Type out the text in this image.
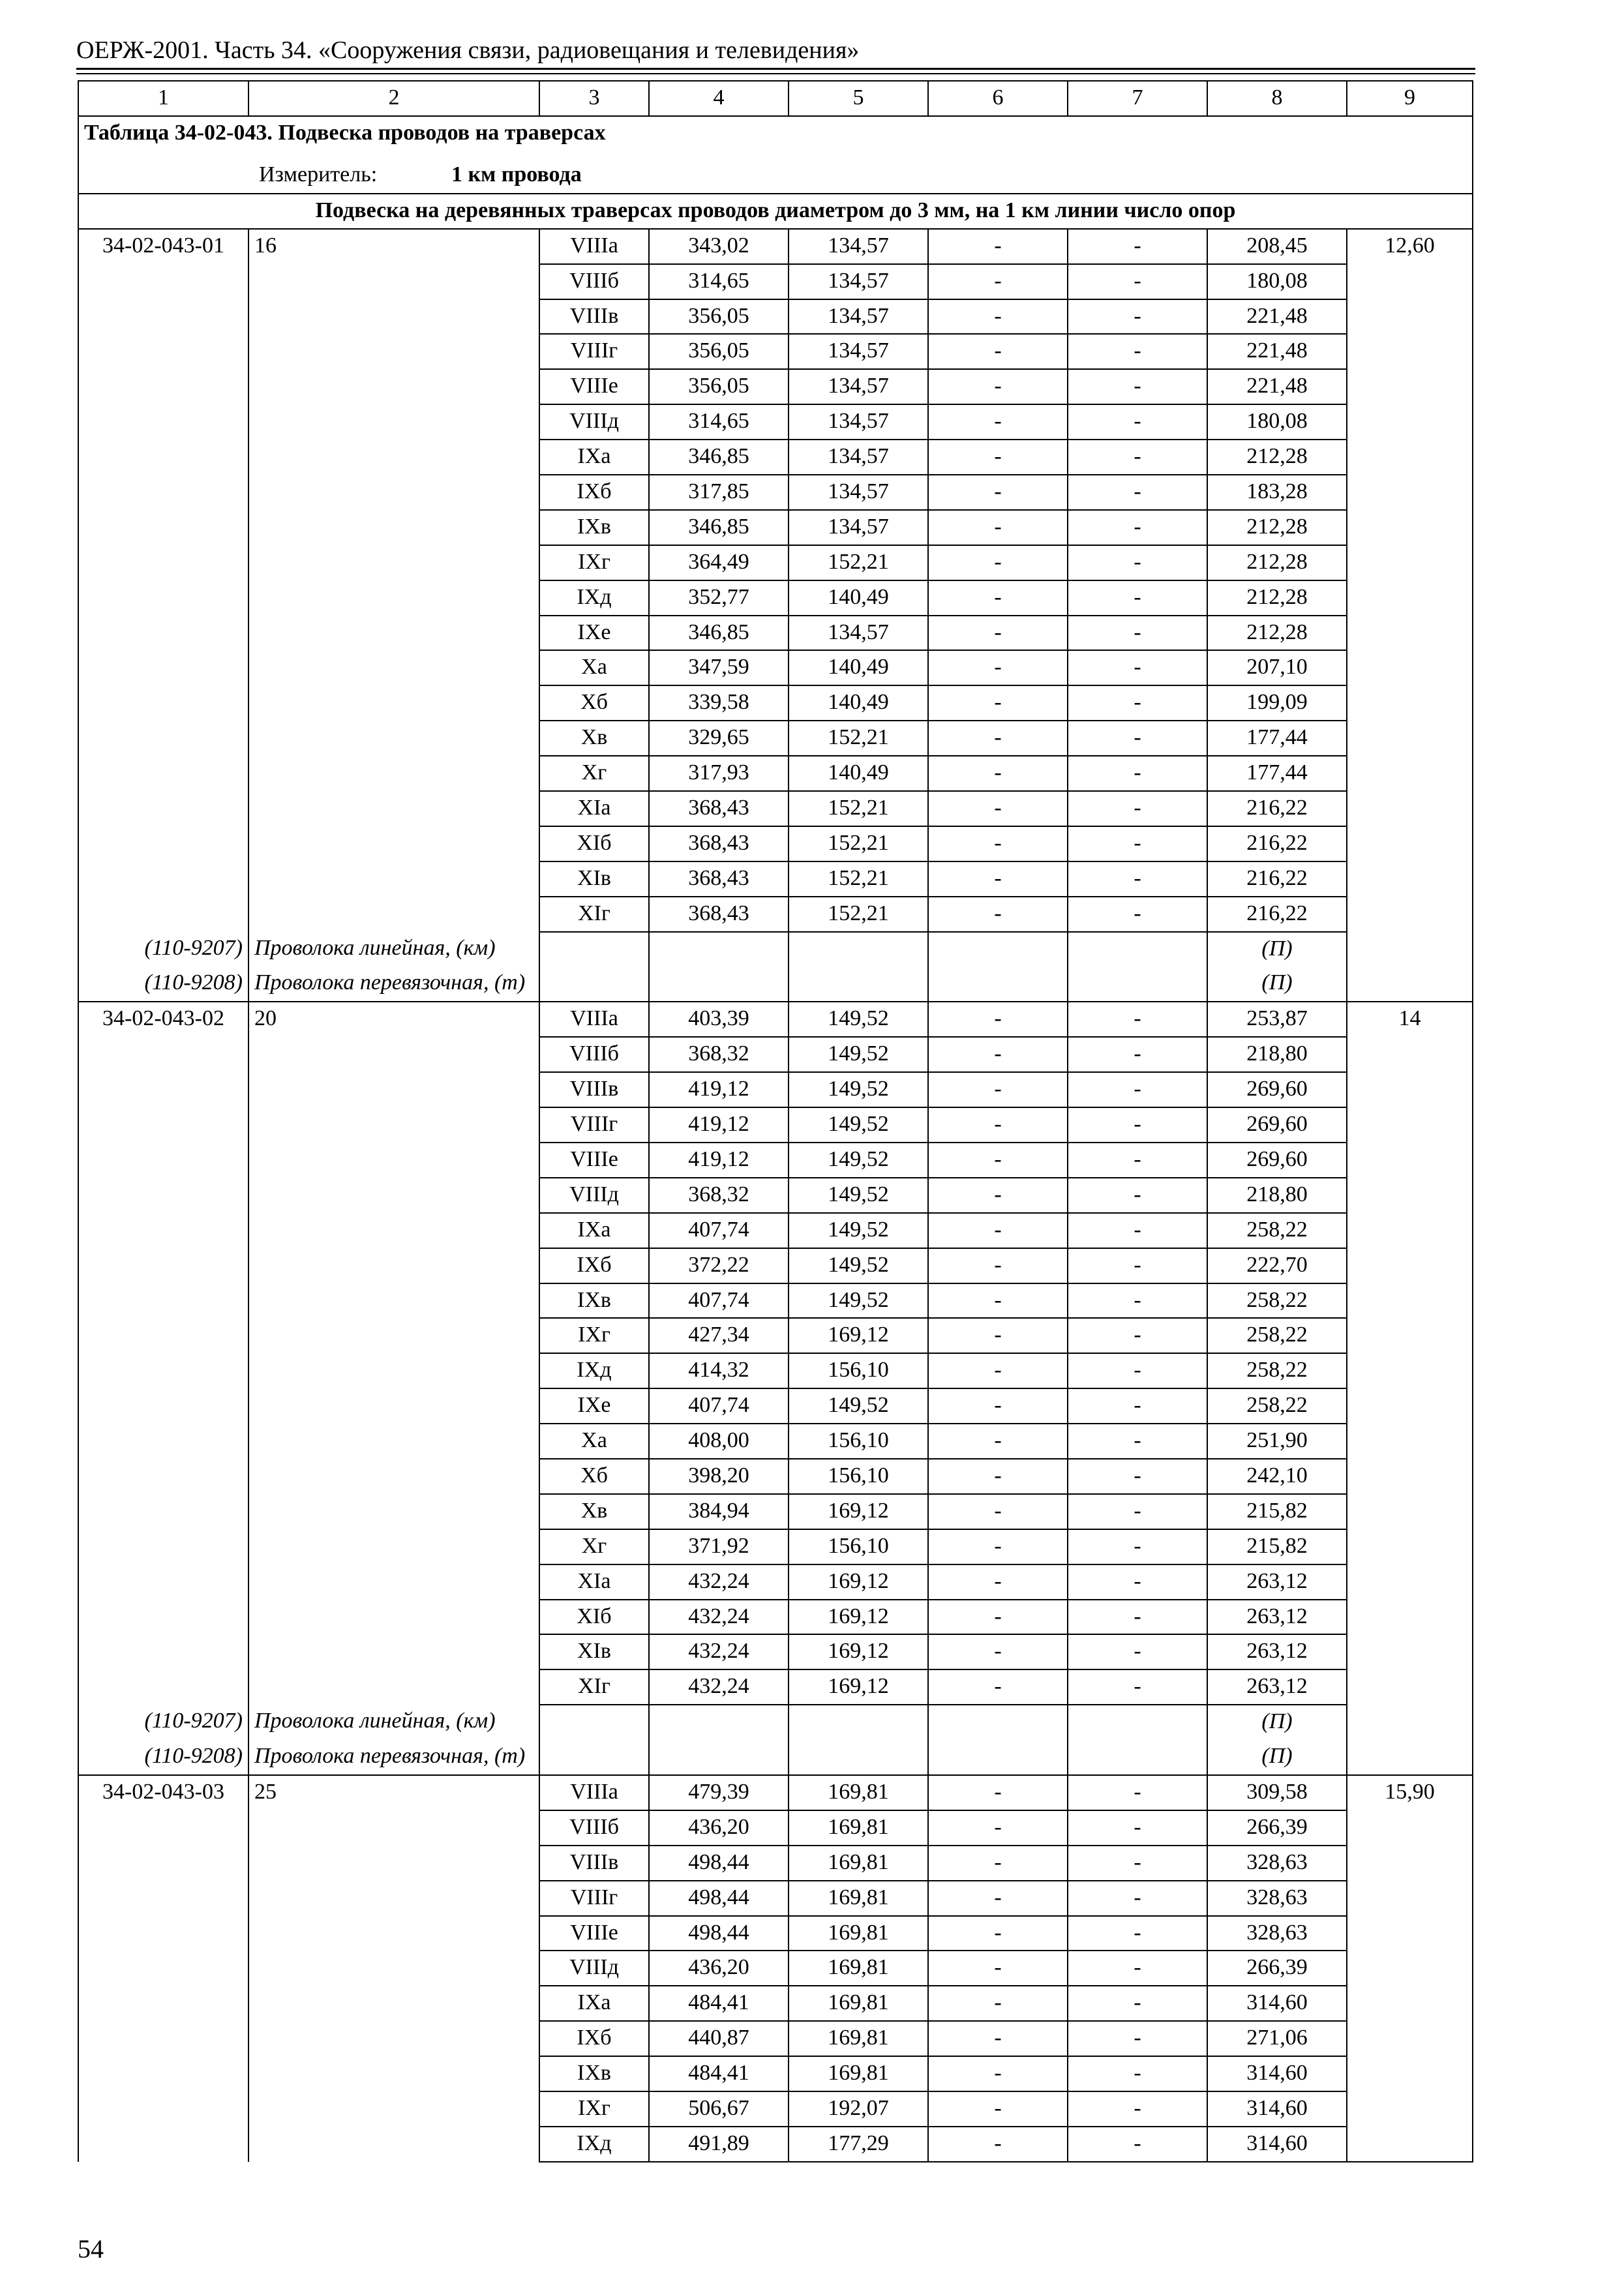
ОЕРЖ-2001. Часть 34. «Сооружения связи, радиовещания и телевидения»
1	2	3	4	5	6	7	8	9
Таблица 34-02-043. Подвеска проводов на траверсах								
Измеритель: 1 км провода								
Подвеска на деревянных траверсах проводов диаметром до 3 мм, на 1 км линии число опор								
34-02-043-01	16	VIIIа	343,02	134,57	-	-	208,45	12,60
		VIIIб	314,65	134,57	-	-	180,08	
		VIIIв	356,05	134,57	-	-	221,48	
		VIIIг	356,05	134,57	-	-	221,48	
		VIIIе	356,05	134,57	-	-	221,48	
		VIIIд	314,65	134,57	-	-	180,08	
		IXа	346,85	134,57	-	-	212,28	
		IXб	317,85	134,57	-	-	183,28	
		IXв	346,85	134,57	-	-	212,28	
		IXг	364,49	152,21	-	-	212,28	
		IXд	352,77	140,49	-	-	212,28	
		IXе	346,85	134,57	-	-	212,28	
		Xа	347,59	140,49	-	-	207,10	
		Xб	339,58	140,49	-	-	199,09	
		Xв	329,65	152,21	-	-	177,44	
		Xг	317,93	140,49	-	-	177,44	
		XIа	368,43	152,21	-	-	216,22	
		XIб	368,43	152,21	-	-	216,22	
		XIв	368,43	152,21	-	-	216,22	
		XIг	368,43	152,21	-	-	216,22	
(110-9207)	Проволока линейная, (км)						(П)	
(110-9208)	Проволока перевязочная, (т)						(П)	
34-02-043-02	20	VIIIа	403,39	149,52	-	-	253,87	14
		VIIIб	368,32	149,52	-	-	218,80	
		VIIIв	419,12	149,52	-	-	269,60	
		VIIIг	419,12	149,52	-	-	269,60	
		VIIIе	419,12	149,52	-	-	269,60	
		VIIIд	368,32	149,52	-	-	218,80	
		IXа	407,74	149,52	-	-	258,22	
		IXб	372,22	149,52	-	-	222,70	
		IXв	407,74	149,52	-	-	258,22	
		IXг	427,34	169,12	-	-	258,22	
		IXд	414,32	156,10	-	-	258,22	
		IXе	407,74	149,52	-	-	258,22	
		Xа	408,00	156,10	-	-	251,90	
		Xб	398,20	156,10	-	-	242,10	
		Xв	384,94	169,12	-	-	215,82	
		Xг	371,92	156,10	-	-	215,82	
		XIа	432,24	169,12	-	-	263,12	
		XIб	432,24	169,12	-	-	263,12	
		XIв	432,24	169,12	-	-	263,12	
		XIг	432,24	169,12	-	-	263,12	
(110-9207)	Проволока линейная, (км)						(П)	
(110-9208)	Проволока перевязочная, (т)						(П)	
34-02-043-03	25	VIIIа	479,39	169,81	-	-	309,58	15,90
		VIIIб	436,20	169,81	-	-	266,39	
		VIIIв	498,44	169,81	-	-	328,63	
		VIIIг	498,44	169,81	-	-	328,63	
		VIIIе	498,44	169,81	-	-	328,63	
		VIIIд	436,20	169,81	-	-	266,39	
		IXа	484,41	169,81	-	-	314,60	
		IXб	440,87	169,81	-	-	271,06	
		IXв	484,41	169,81	-	-	314,60	
		IXг	506,67	192,07	-	-	314,60	
		IXд	491,89	177,29	-	-	314,60	
54
